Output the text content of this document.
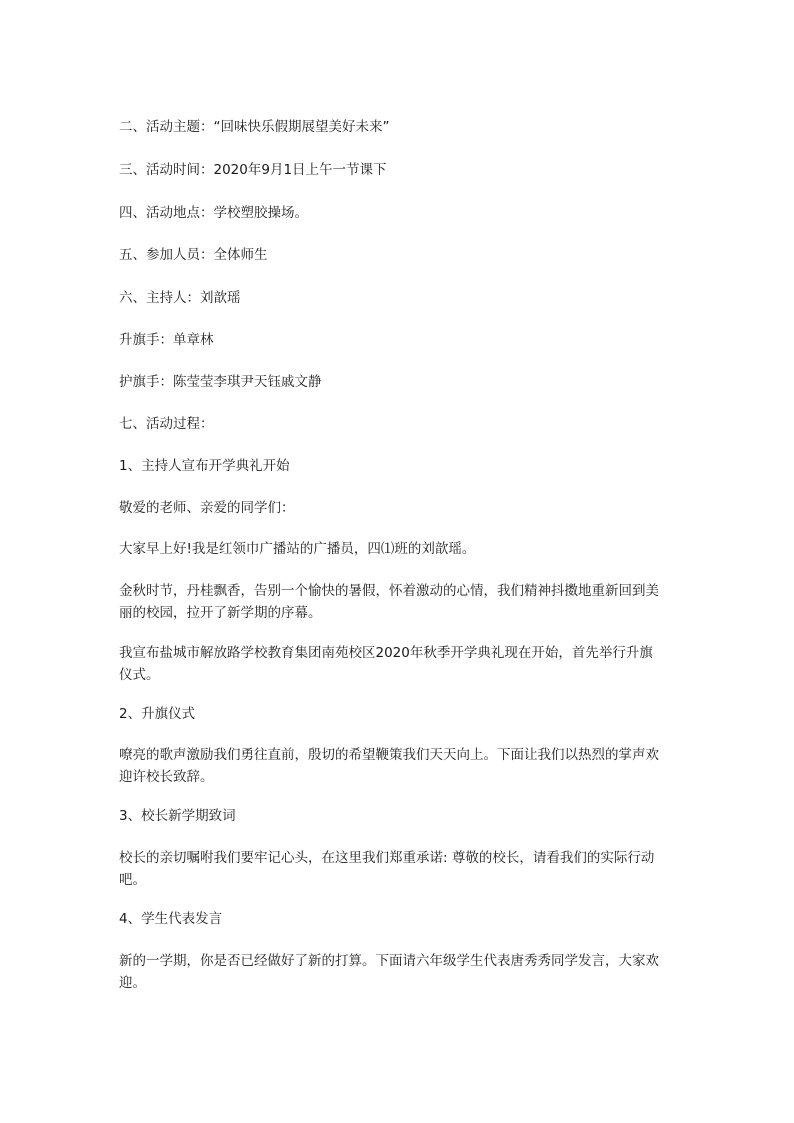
二、活动主题：“回味快乐假期展望美好未来”
三、活动时间：2020年9月1日上午一节课下
四、活动地点：学校塑胶操场。
五、参加人员：全体师生
六、主持人：刘歆瑶
升旗手：单章林
护旗手：陈莹莹李琪尹天钰戚文静
七、活动过程：
1、主持人宣布开学典礼开始
敬爱的老师、亲爱的同学们：
大家早上好!我是红领巾广播站的广播员，四⑴班的刘歆瑶。
金秋时节，丹桂飘香，告别一个愉快的暑假，怀着激动的心情，我们精神抖擞地重新回到美
丽的校园，拉开了新学期的序幕。
我宣布盐城市解放路学校教育集团南苑校区2020年秋季开学典礼现在开始，首先举行升旗
仪式。
2、升旗仪式
嘹亮的歌声激励我们勇往直前，殷切的希望鞭策我们天天向上。下面让我们以热烈的掌声欢
迎许校长致辞。
3、校长新学期致词
校长的亲切嘱咐我们要牢记心头，在这里我们郑重承诺: 尊敬的校长，请看我们的实际行动
吧。
4、学生代表发言
新的一学期，你是否已经做好了新的打算。下面请六年级学生代表唐秀秀同学发言，大家欢
迎。
